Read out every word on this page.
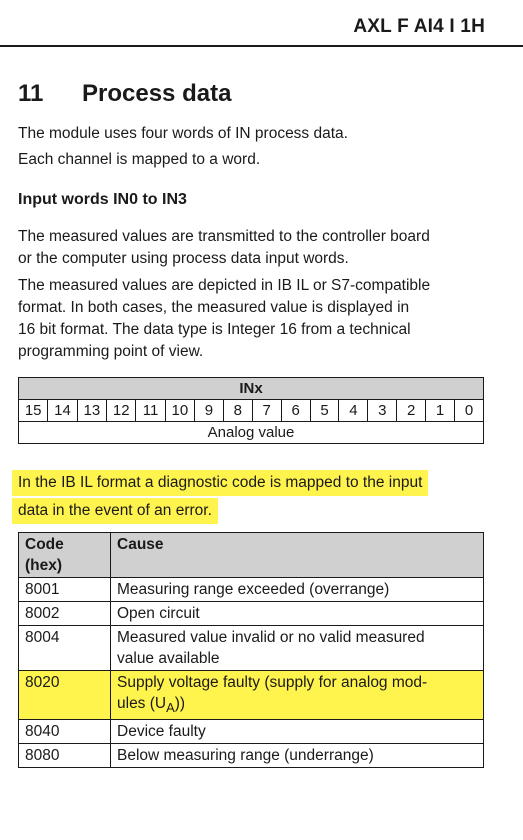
AXL F AI4 I 1H
11 Process data
The module uses four words of IN process data.
Each channel is mapped to a word.
Input words IN0 to IN3
The measured values are transmitted to the controller board
or the computer using process data input words.
The measured values are depicted in IB IL or S7-compatible
format. In both cases, the measured value is displayed in
16 bit format. The data type is Integer 16 from a technical
programming point of view.
INx
15	14	13	12	11	10	9	8	7	6	5	4	3	2	1	0
Analog value
In the IB IL format a diagnostic code is mapped to the input
data in the event of an error.
Code
(hex)	Cause
8001	Measuring range exceeded (overrange)
8002	Open circuit
8004	Measured value invalid or no valid measured
value available
8020	Supply voltage faulty (supply for analog mod-
ules $(U_A)$)
8040	Device faulty
8080	Below measuring range (underrange)
